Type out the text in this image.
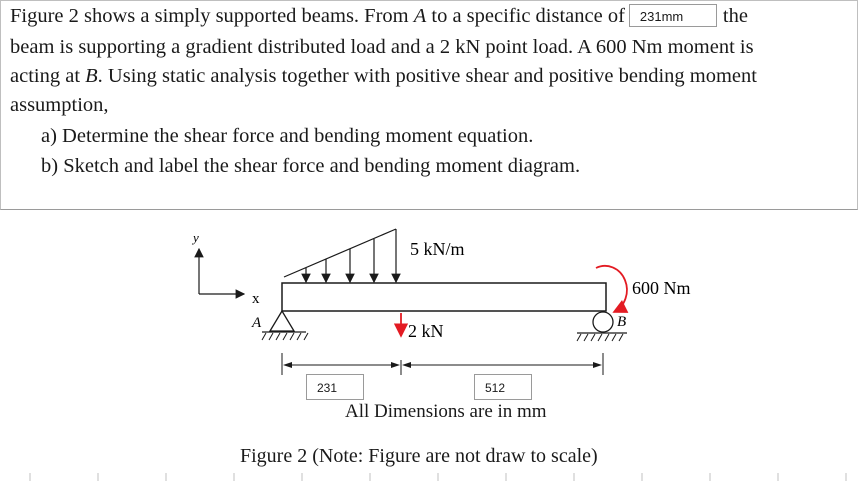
Figure 2 shows a simply supported beams. From A to a specific distance of 231mm the
beam is supporting a gradient distributed load and a 2 kN point load. A 600 Nm moment is
acting at B. Using static analysis together with positive shear and positive bending moment
assumption,
a) Determine the shear force and bending moment equation.
b) Sketch and label the shear force and bending moment diagram.
y
x
5 kN/m
2 kN
A	B
600 Nm
231	512
All Dimensions are in mm
Figure 2 (Note: Figure are not draw to scale)
